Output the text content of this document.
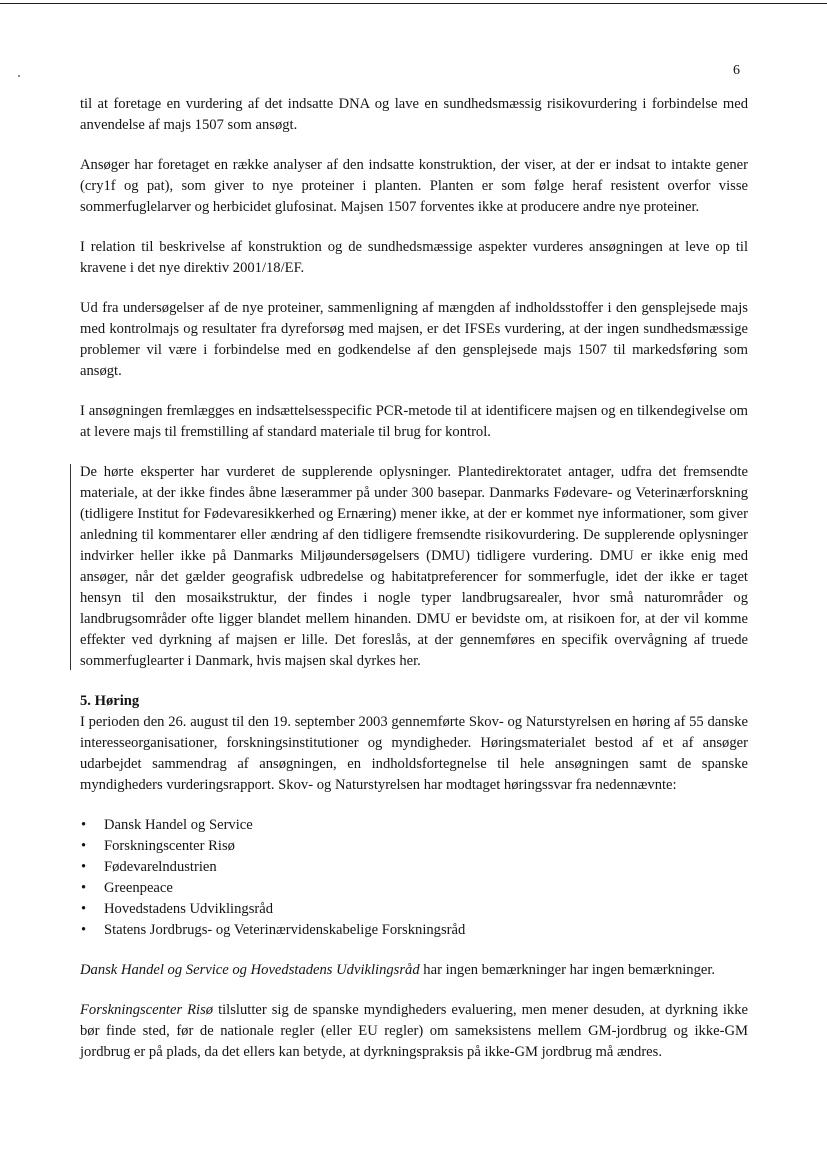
6

til at foretage en vurdering af det indsatte DNA og lave en sundhedsmæssig risikovurdering i forbindelse med anvendelse af majs 1507 som ansøgt.

Ansøger har foretaget en række analyser af den indsatte konstruktion, der viser, at der er indsat to intakte gener (cry1f og pat), som giver to nye proteiner i planten. Planten er som følge heraf resistent overfor visse sommerfuglelarver og herbicidet glufosinat. Majsen 1507 forventes ikke at producere andre nye proteiner.

I relation til beskrivelse af konstruktion og de sundhedsmæssige aspekter vurderes ansøgningen at leve op til kravene i det nye direktiv 2001/18/EF.

Ud fra undersøgelser af de nye proteiner, sammenligning af mængden af indholdsstoffer i den gensplejsede majs med kontrolmajs og resultater fra dyreforsøg med majsen, er det IFSEs vurdering, at der ingen sundhedsmæssige problemer vil være i forbindelse med en godkendelse af den gensplejsede majs 1507 til markedsføring som ansøgt.

I ansøgningen fremlægges en indsættelsesspecific PCR-metode til at identificere majsen og en tilkendegivelse om at levere majs til fremstilling af standard materiale til brug for kontrol.

De hørte eksperter har vurderet de supplerende oplysninger. Plantedirektoratet antager, udfra det fremsendte materiale, at der ikke findes åbne læserammer på under 300 basepar. Danmarks Fødevare- og Veterinærforskning (tidligere Institut for Fødevaresikkerhed og Ernæring) mener ikke, at der er kommet nye informationer, som giver anledning til kommentarer eller ændring af den tidligere fremsendte risikovurdering. De supplerende oplysninger indvirker heller ikke på Danmarks Miljøundersøgelsers (DMU) tidligere vurdering. DMU er ikke enig med ansøger, når det gælder geografisk udbredelse og habitatpreferencer for sommerfugle, idet der ikke er taget hensyn til den mosaikstruktur, der findes i nogle typer landbrugsarealer, hvor små naturområder og landbrugsområder ofte ligger blandet mellem hinanden. DMU er bevidste om, at risikoen for, at der vil komme effekter ved dyrkning af majsen er lille. Det foreslås, at der gennemføres en specifik overvågning af truede sommerfuglearter i Danmark, hvis majsen skal dyrkes her.

5. Høring

I perioden den 26. august til den 19. september 2003 gennemførte Skov- og Naturstyrelsen en høring af 55 danske interesseorganisationer, forskningsinstitutioner og myndigheder. Høringsmaterialet bestod af et af ansøger udarbejdet sammendrag af ansøgningen, en indholdsfortegnelse til hele ansøgningen samt de spanske myndigheders vurderingsrapport. Skov- og Naturstyrelsen har modtaget høringssvar fra nedennævnte:

• Dansk Handel og Service
• Forskningscenter Risø
• Fødevarelndustrien
• Greenpeace
• Hovedstadens Udviklingsråd
• Statens Jordbrugs- og Veterinærvidenskabelige Forskningsråd

Dansk Handel og Service og Hovedstadens Udviklingsråd har ingen bemærkninger har ingen bemærkninger.

Forskningscenter Risø tilslutter sig de spanske myndigheders evaluering, men mener desuden, at dyrkning ikke bør finde sted, før de nationale regler (eller EU regler) om sameksistens mellem GM-jordbrug og ikke-GM jordbrug er på plads, da det ellers kan betyde, at dyrkningspraksis på ikke-GM jordbrug må ændres.
